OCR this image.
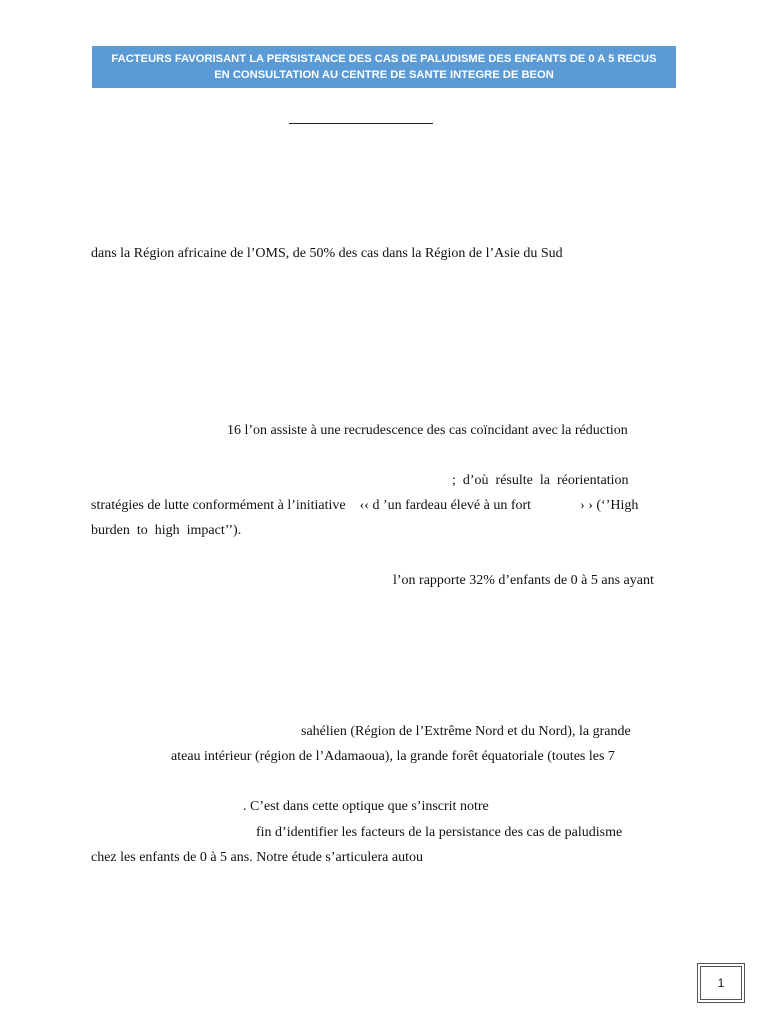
FACTEURS FAVORISANT LA PERSISTANCE DES CAS DE PALUDISME DES ENFANTS DE 0 A 5 RECUS
EN CONSULTATION AU CENTRE DE SANTE INTEGRE DE BEON
dans la Région africaine de l’OMS, de 50% des cas dans la Région de l’Asie du Sud
16 l’on assiste à une recrudescence des cas coïncidant avec la réduction
;  d’où  résulte  la  réorientation
stratégies de lutte conformément à l’initiative    ‹‹ d ’un fardeau élevé à un fort              › › (‘’High
burden  to  high  impact’’).
l’on rapporte 32% d’enfants de 0 à 5 ans ayant
sahélien (Région de l’Extrême Nord et du Nord), la grande
ateau intérieur (région de l’Adamaoua), la grande forêt équatoriale (toutes les 7
. C’est dans cette optique que s’inscrit notre
fin d’identifier les facteurs de la persistance des cas de paludisme
chez les enfants de 0 à 5 ans. Notre étude s’articulera autou
1
